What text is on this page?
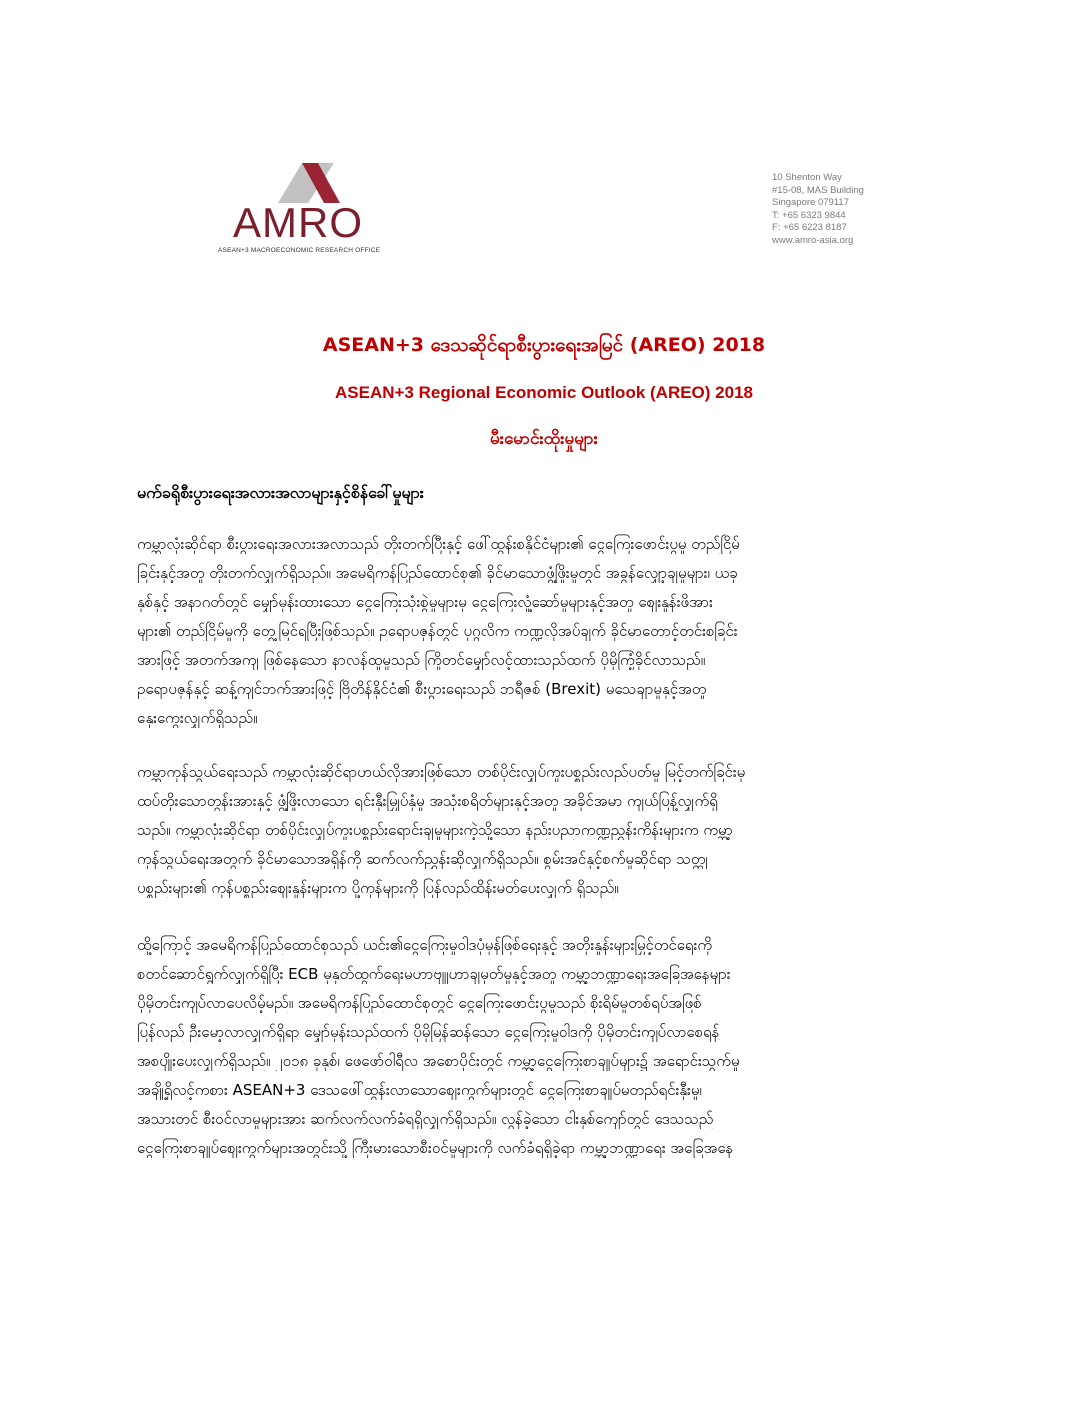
AMRO
ASEAN+3 MACROECONOMIC RESEARCH OFFICE
10 Shenton Way
#15-08, MAS Building
Singapore 079117
T: +65 6323 9844
F: +65 6223 8187
www.amro-asia.org
ASEAN+3 ဒေသဆိုင်ရာစီးပွားရေးအမြင် (AREO) 2018
ASEAN+3 Regional Economic Outlook (AREO) 2018
မီးမောင်းထိုးမှုများ
မက်ခရိုစီးပွားရေးအလားအလာများနှင့်စိန်ခေါ်မှုများ
ကမ္ဘာလုံးဆိုင်ရာ စီးပွားရေးအလားအလာသည် တိုးတက်ပြီးနှင့် ဖေါ်ထွန်းစနိုင်ငံများ၏ ငွေကြေးဖောင်းပွမှု တည်ငြိမ်
ခြင်းနှင့်အတူ တိုးတက်လျှက်ရှိသည်။ အမေရိကန်ပြည်ထောင်စု၏ ခိုင်မာသောဖွံ့ဖြိုးမှုတွင် အခွန်လျှော့ချမှုများ၊ ယခု
နှစ်နှင့် အနာဂတ်တွင် မျှော်မှန်းထားသော ငွေကြေးသုံးစွဲမှုများမှ ငွေကြေးလှုံ့ဆော်မှုများနှင့်အတူ စျေးနှုန်းဖိအား
များ၏ တည်ငြိမ်မှုကို တွေ့မြင်ရပြီးဖြစ်သည်။ ဥရောပဇုန်တွင် ပုဂ္ဂလိက ကဏ္ဍလိုအပ်ချက် ခိုင်မာတောင့်တင်းစခြင်း
အားဖြင့် အတက်အကျ ဖြစ်နေသော နာလန်ထူမှုသည် ကြိုတင်မျှော်လင့်ထားသည်ထက် ပိုမိုကြံ့ခိုင်လာသည်။
ဥရောပဇုန်နှင့် ဆန့်ကျင်ဘက်အားဖြင့် ဗြိတိန်နိုင်ငံ၏ စီးပွားရေးသည် ဘရီဇစ် (Brexit) မသေချာမှုနှင့်အတူ
နှေးကွေးလျှက်ရှိသည်။
ကမ္ဘာကုန်သွယ်ရေးသည် ကမ္ဘာလုံးဆိုင်ရာဟယ်လိုအားဖြစ်သော တစ်ပိုင်းလျှပ်ကူးပစ္စည်းလည်ပတ်မှု မြင့်တက်ခြင်းမှ
ထပ်တိုးသောတွန်းအားနှင့် ဖွံ့ဖြိုးလာသော ရင်းနှီးမြှုပ်နှံမှု အသုံးစရိတ်များနှင့်အတူ အခိုင်အမာ ကျယ်ပြန့်လျှက်ရှိ
သည်။ ကမ္ဘာလုံးဆိုင်ရာ တစ်ပိုင်းလျှပ်ကူးပစ္စည်းရောင်းချမှုများကဲ့သို့သော နည်းပညာကဏ္ဍညွှန်းကိန်းများက ကမ္ဘာ့
ကုန်သွယ်ရေးအတွက် ခိုင်မာသောအရှိန်ကို ဆက်လက်ညွှန်းဆိုလျှက်ရှိသည်။ စွမ်းအင်နှင့်စက်မှုဆိုင်ရာ သတ္တု
ပစ္စည်းများ၏ ကုန်ပစ္စည်းစျေးနှုန်းများက ပို့ကုန်များကို ပြန်လည်ထိန်းမတ်ပေးလျှက် ရှိသည်။
ထို့ကြောင့် အမေရိကန်ပြည်ထောင်စုသည် ယင်း၏ငွေကြေးမူဝါဒပုံမှန်ဖြစ်ရေးနှင့် အတိုးနှုန်းများမြှင့်တင်ရေးကို
စတင်ဆောင်ရွက်လျှက်ရှိပြီး ECB မှနုတ်ထွက်ရေးမဟာဗျူဟာချမှတ်မှုနှင့်အတူ ကမ္ဘာ့ဘဏ္ဍာရေးအခြေအနေများ
ပိုမိုတင်းကျပ်လာပေလိမ့်မည်။ အမေရိကန်ပြည်ထောင်စုတွင် ငွေကြေးဖောင်းပွမှုသည် စိုးရိမ်မှုတစ်ရပ်အဖြစ်
ပြန်လည် ဦးမော့လာလျှက်ရှိရာ မျှော်မှန်းသည်ထက် ပိုမိုမြန်ဆန်သော ငွေကြေးမူဝါဒကို ပိုမိုတင်းကျပ်လာစေရန်
အစပျိုးပေးလျှက်ရှိသည်။ ၂၀၁၈ ခုနှစ်၊ ဖေဖော်ဝါရီလ အစောပိုင်းတွင် ကမ္ဘာ့ငွေကြေးစာချုပ်များ၌ အရောင်းသွက်မှု
အချို့ရှိလင့်ကစား ASEAN+3 ဒေသဖေါ်ထွန်းလာသောစျေးကွက်များတွင် ငွေကြေးစာချုပ်မတည်ရင်းနှီးမှု၊
အသားတင် စီးဝင်လာမှုများအား ဆက်လက်လက်ခံရရှိလျှက်ရှိသည်။ လွန်ခဲ့သော ငါးနှစ်ကျော်တွင် ဒေသသည်
ငွေကြေးစာချုပ်စျေးကွက်များအတွင်းသို့ ကြီးမားသောစီးဝင်မှုများကို လက်ခံရရှိခဲ့ရာ ကမ္ဘာ့ဘဏ္ဍာရေး အခြေအနေ
